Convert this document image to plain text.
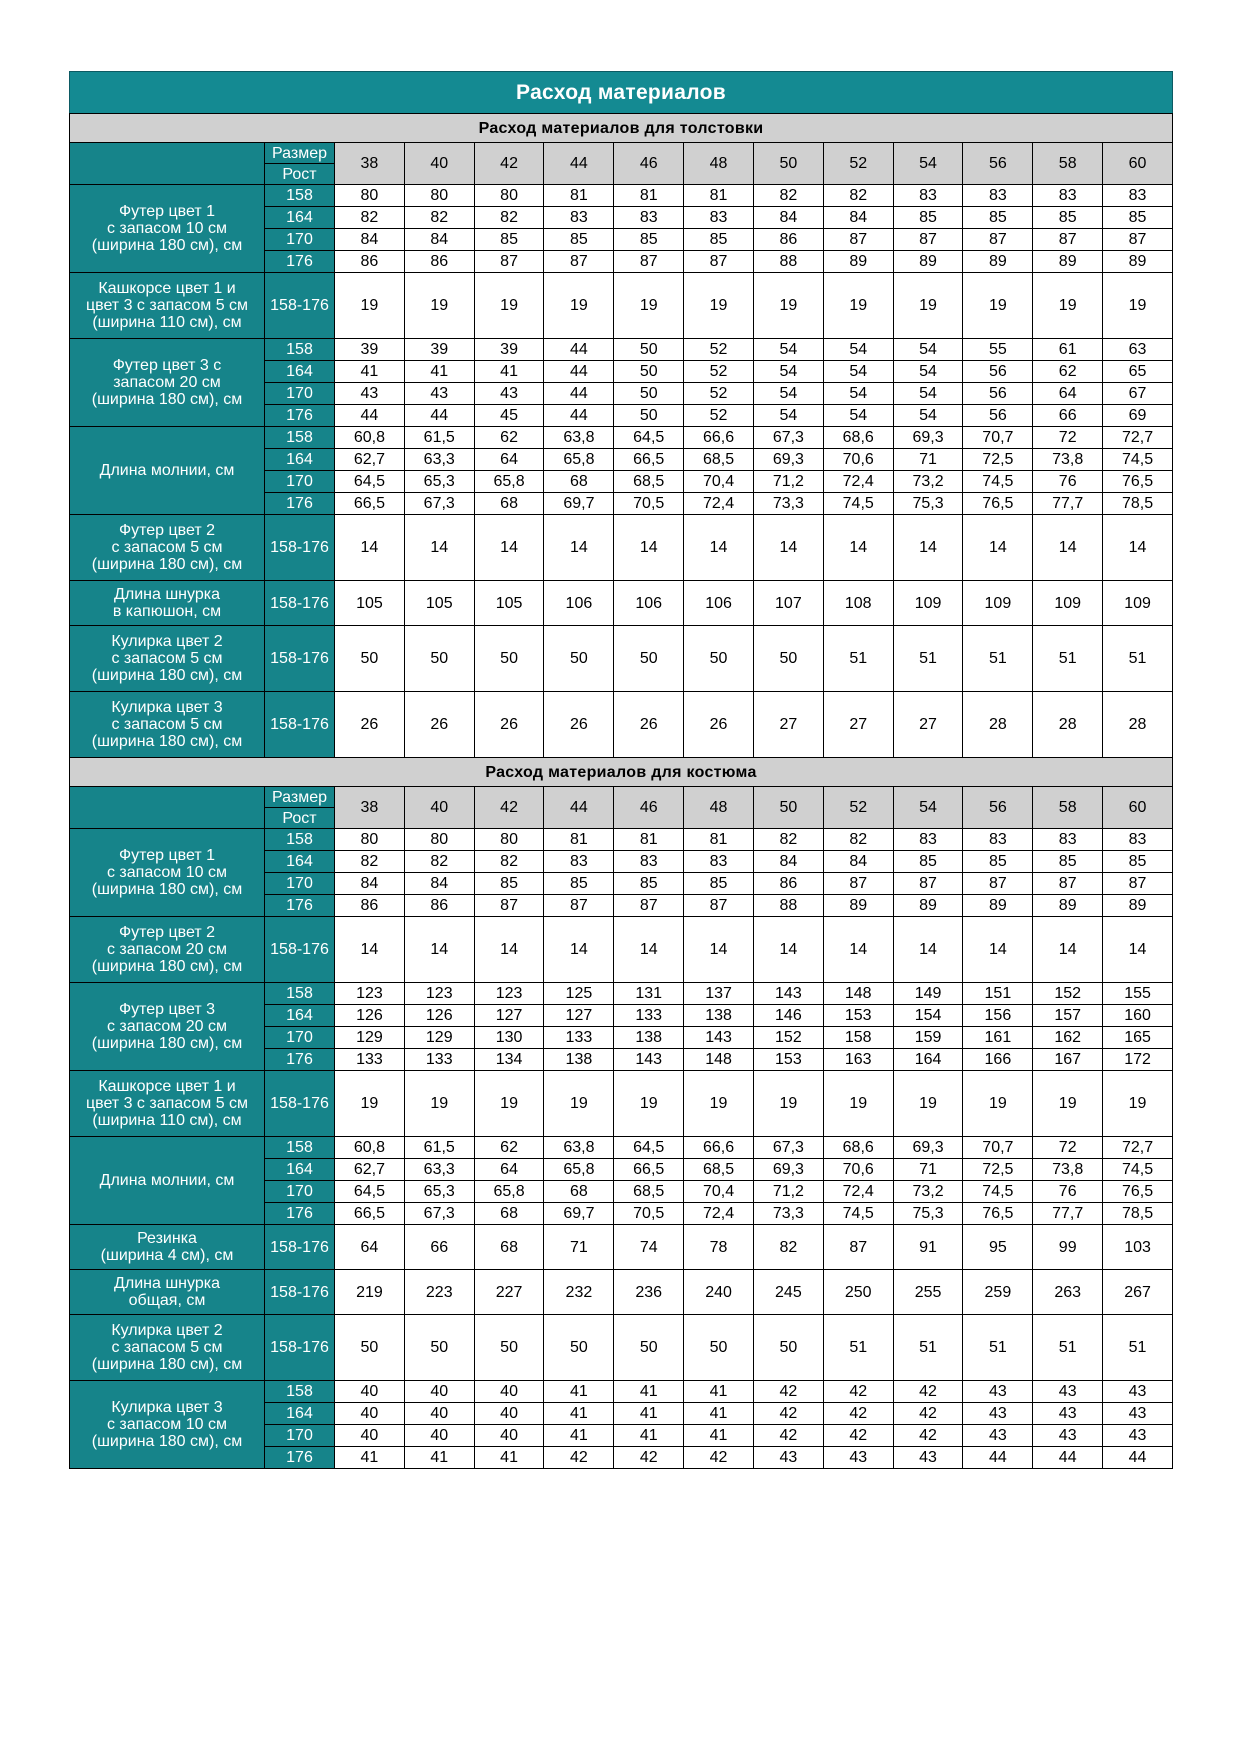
Расход материалов
Расход материалов для толстовки													
	Размер	38	40	42	44	46	48	50	52	54	56	58	60
	Рост												
Футер цвет 1
с запасом 10 см
(ширина 180 см), см	158	80	80	80	81	81	81	82	82	83	83	83	83
	164	82	82	82	83	83	83	84	84	85	85	85	85
	170	84	84	85	85	85	85	86	87	87	87	87	87
	176	86	86	87	87	87	87	88	89	89	89	89	89
Кашкорсе цвет 1 и
цвет 3 с запасом 5 см
(ширина 110 см), см	158-176	19	19	19	19	19	19	19	19	19	19	19	19
Футер цвет 3 с
запасом 20 см
(ширина 180 см), см	158	39	39	39	44	50	52	54	54	54	55	61	63
	164	41	41	41	44	50	52	54	54	54	56	62	65
	170	43	43	43	44	50	52	54	54	54	56	64	67
	176	44	44	45	44	50	52	54	54	54	56	66	69
Длина молнии, см	158	60,8	61,5	62	63,8	64,5	66,6	67,3	68,6	69,3	70,7	72	72,7
	164	62,7	63,3	64	65,8	66,5	68,5	69,3	70,6	71	72,5	73,8	74,5
	170	64,5	65,3	65,8	68	68,5	70,4	71,2	72,4	73,2	74,5	76	76,5
	176	66,5	67,3	68	69,7	70,5	72,4	73,3	74,5	75,3	76,5	77,7	78,5
Футер цвет 2
с запасом 5 см
(ширина 180 см), см	158-176	14	14	14	14	14	14	14	14	14	14	14	14
Длина шнурка
в капюшон, см	158-176	105	105	105	106	106	106	107	108	109	109	109	109
Кулирка цвет 2
с запасом 5 см
(ширина 180 см), см	158-176	50	50	50	50	50	50	50	51	51	51	51	51
Кулирка цвет 3
с запасом 5 см
(ширина 180 см), см	158-176	26	26	26	26	26	26	27	27	27	28	28	28
Расход материалов для костюма													
	Размер	38	40	42	44	46	48	50	52	54	56	58	60
	Рост												
Футер цвет 1
с запасом 10 см
(ширина 180 см), см	158	80	80	80	81	81	81	82	82	83	83	83	83
	164	82	82	82	83	83	83	84	84	85	85	85	85
	170	84	84	85	85	85	85	86	87	87	87	87	87
	176	86	86	87	87	87	87	88	89	89	89	89	89
Футер цвет 2
с запасом 20 см
(ширина 180 см), см	158-176	14	14	14	14	14	14	14	14	14	14	14	14
Футер цвет 3
с запасом 20 см
(ширина 180 см), см	158	123	123	123	125	131	137	143	148	149	151	152	155
	164	126	126	127	127	133	138	146	153	154	156	157	160
	170	129	129	130	133	138	143	152	158	159	161	162	165
	176	133	133	134	138	143	148	153	163	164	166	167	172
Кашкорсе цвет 1 и
цвет 3 с запасом 5 см
(ширина 110 см), см	158-176	19	19	19	19	19	19	19	19	19	19	19	19
Длина молнии, см	158	60,8	61,5	62	63,8	64,5	66,6	67,3	68,6	69,3	70,7	72	72,7
	164	62,7	63,3	64	65,8	66,5	68,5	69,3	70,6	71	72,5	73,8	74,5
	170	64,5	65,3	65,8	68	68,5	70,4	71,2	72,4	73,2	74,5	76	76,5
	176	66,5	67,3	68	69,7	70,5	72,4	73,3	74,5	75,3	76,5	77,7	78,5
Резинка
(ширина 4 см), см	158-176	64	66	68	71	74	78	82	87	91	95	99	103
Длина шнурка
общая, см	158-176	219	223	227	232	236	240	245	250	255	259	263	267
Кулирка цвет 2
с запасом 5 см
(ширина 180 см), см	158-176	50	50	50	50	50	50	50	51	51	51	51	51
Кулирка цвет 3
с запасом 10 см
(ширина 180 см), см	158	40	40	40	41	41	41	42	42	42	43	43	43
	164	40	40	40	41	41	41	42	42	42	43	43	43
	170	40	40	40	41	41	41	42	42	42	43	43	43
	176	41	41	41	42	42	42	43	43	43	44	44	44
